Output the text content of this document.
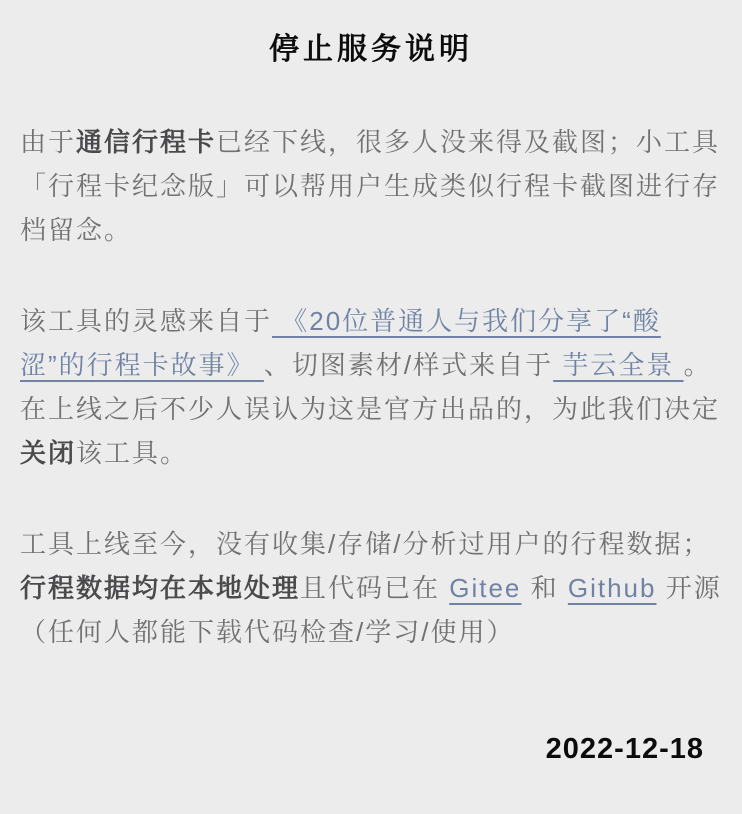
停止服务说明

由于通信行程卡已经下线，很多人没来得及截图；小工具「行程卡纪念版」可以帮用户生成类似行程卡截图进行存档留念。

该工具的灵感来自于 《20位普通人与我们分享了“酸涩”的行程卡故事》 、切图素材/样式来自于 芋云全景 。在上线之后不少人误认为这是官方出品的，为此我们决定关闭该工具。

工具上线至今，没有收集/存储/分析过用户的行程数据；行程数据均在本地处理且代码已在 Gitee 和 Github 开源（任何人都能下载代码检查/学习/使用）

2022-12-18
